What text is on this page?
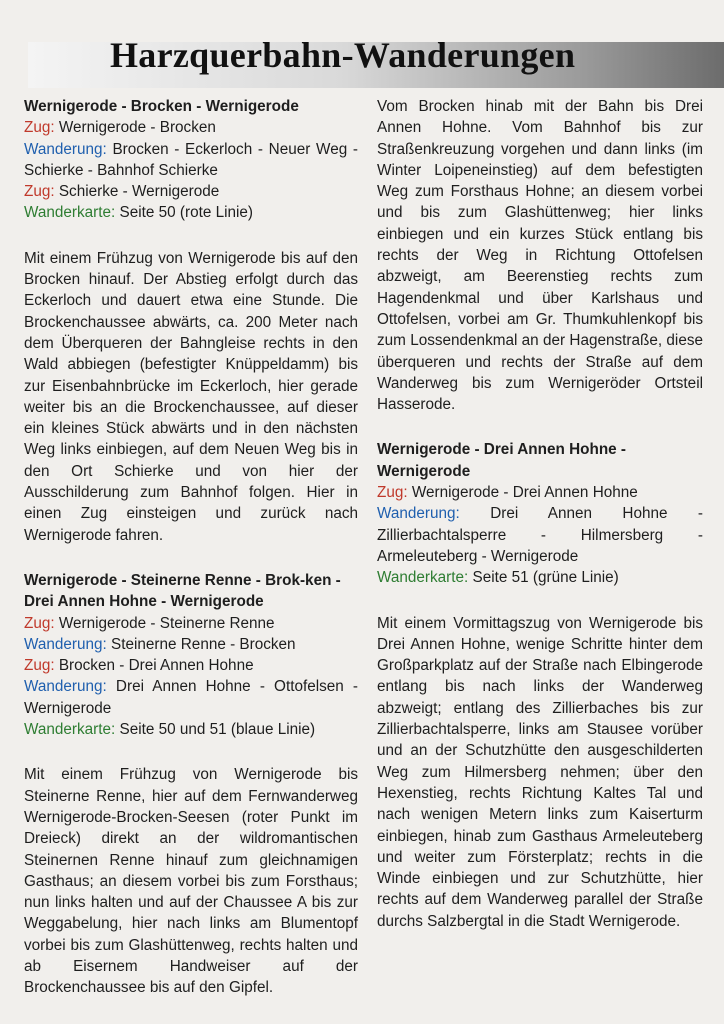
Harzquerbahn-Wanderungen
Wernigerode - Brocken - Wernigerode
Zug: Wernigerode - Brocken

Wanderung: Brocken - Eckerloch - Neuer Weg - Schierke - Bahnhof Schierke

Zug: Schierke - Wernigerode
Wanderkarte: Seite 50 (rote Linie)

Mit einem Frühzug von Wernigerode bis auf den Brocken hinauf. Der Abstieg erfolgt durch das Eckerloch und dauert etwa eine Stunde. Die Brockenchaussee abwärts, ca. 200 Meter nach dem Überqueren der Bahngleise rechts in den Wald abbiegen (befestigter Knüppeldamm) bis zur Eisenbahnbrücke im Eckerloch, hier gerade weiter bis an die Brockenchaussee, auf dieser ein kleines Stück abwärts und in den nächsten Weg links einbiegen, auf dem Neuen Weg bis in den Ort Schierke und von hier der Ausschilderung zum Bahnhof folgen. Hier in einen Zug einsteigen und zurück nach Wernigerode fahren.

Wernigerode - Steinerne Renne - Brok-ken - Drei Annen Hohne - Wernigerode
Zug: Wernigerode - Steinerne Renne
Wanderung: Steinerne Renne - Brocken
Zug: Brocken - Drei Annen Hohne

Wanderung: Drei Annen Hohne - Ottofelsen - Wernigerode

Wanderkarte: Seite 50 und 51 (blaue Linie)

Mit einem Frühzug von Wernigerode bis Steinerne Renne, hier auf dem Fernwanderweg Wernigerode-Brocken-Seesen (roter Punkt im Dreieck) direkt an der wildromantischen Steinernen Renne hinauf zum gleichnamigen Gasthaus; an diesem vorbei bis zum Forsthaus; nun links halten und auf der Chaussee A bis zur Weggabelung, hier nach links am Blumentopf vorbei bis zum Glashüttenweg, rechts halten und ab Eisernem Handweiser auf der Brockenchaussee bis auf den Gipfel.

Vom Brocken hinab mit der Bahn bis Drei Annen Hohne. Vom Bahnhof bis zur Straßenkreuzung vorgehen und dann links (im Winter Loipeneinstieg) auf dem befestigten Weg zum Forsthaus Hohne; an diesem vorbei und bis zum Glashüttenweg; hier links einbiegen und ein kurzes Stück entlang bis rechts der Weg in Richtung Ottofelsen abzweigt, am Beerenstieg rechts zum Hagendenkmal und über Karlshaus und Ottofelsen, vorbei am Gr. Thumkuhlenkopf bis zum Lossendenkmal an der Hagenstraße, diese überqueren und rechts der Straße auf dem Wanderweg bis zum Wernigeröder Ortsteil Hasserode.

Wernigerode - Drei Annen Hohne - Wernigerode
Zug: Wernigerode - Drei Annen Hohne

Wanderung: Drei Annen Hohne - Zillierbachtalsperre - Hilmersberg - Armeleuteberg - Wernigerode

Wanderkarte: Seite 51 (grüne Linie)

Mit einem Vormittagszug von Wernigerode bis Drei Annen Hohne, wenige Schritte hinter dem Großparkplatz auf der Straße nach Elbingerode entlang bis nach links der Wanderweg abzweigt; entlang des Zillierbaches bis zur Zillierbachtalsperre, links am Stausee vorüber und an der Schutzhütte den ausgeschilderten Weg zum Hilmersberg nehmen; über den Hexenstieg, rechts Richtung Kaltes Tal und nach wenigen Metern links zum Kaiserturm einbiegen, hinab zum Gasthaus Armeleuteberg und weiter zum Försterplatz; rechts in die Winde einbiegen und zur Schutzhütte, hier rechts auf dem Wanderweg parallel der Straße durchs Salzbergtal in die Stadt Wernigerode.
